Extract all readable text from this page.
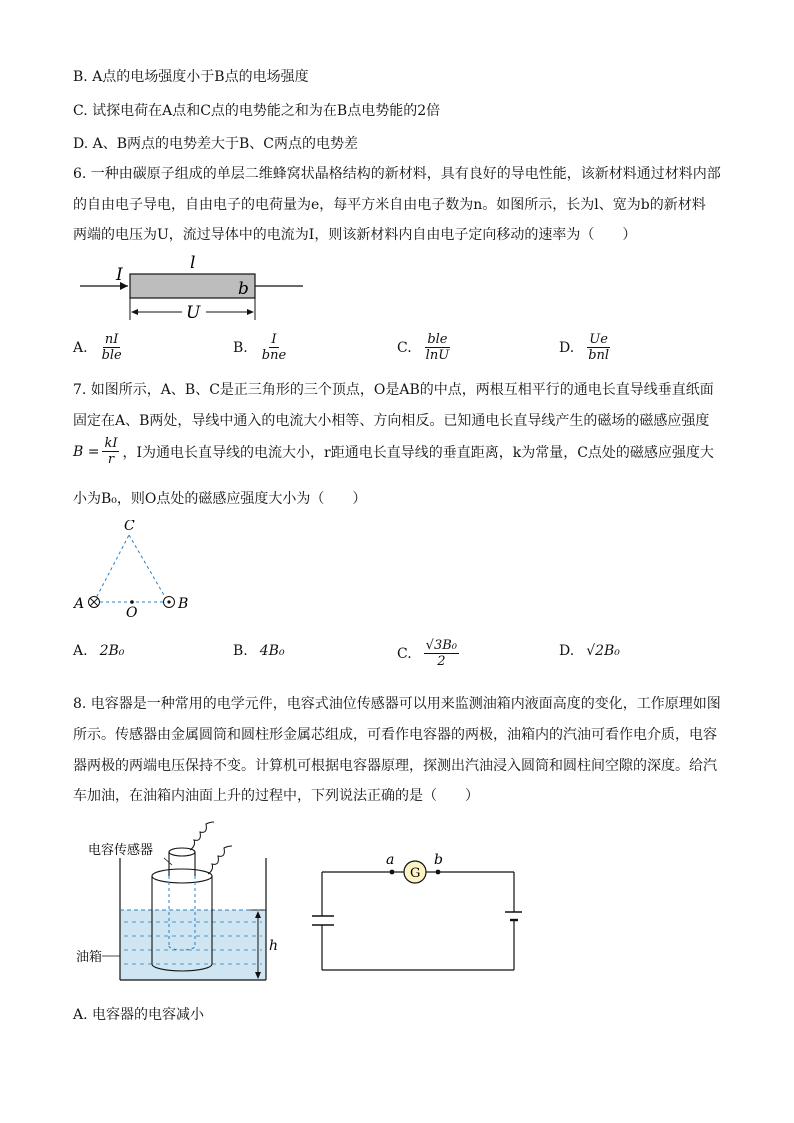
B. A点的电场强度小于B点的电场强度
C. 试探电荷在A点和C点的电势能之和为在B点电势能的2倍
D. A、B两点的电势差大于B、C两点的电势差
6. 一种由碳原子组成的单层二维蜂窝状晶格结构的新材料，具有良好的导电性能，该新材料通过材料内部
的自由电子导电，自由电子的电荷量为e，每平方米自由电子数为n。如图所示，长为l、宽为b的新材料
两端的电压为U，流过导体中的电流为I，则该新材料内自由电子定向移动的速率为（　　）
I
l
b
U
A. $\frac{nI}{\text{ble}}$	B. $\frac{I}{\text{bne}}$	C. $\frac{\text{ble}}{\ln U}$	D. $\frac{Ue}{\text{bnl}}$
7. 如图所示，A、B、C是正三角形的三个顶点，O是AB的中点，两根互相平行的通电长直导线垂直纸面
固定在A、B两处，导线中通入的电流大小相等、方向相反。已知通电长直导线产生的磁场的磁感应强度
$B = \frac{kI}{r}$ ，I为通电长直导线的电流大小，r距通电长直导线的垂直距离，k为常量，C点处的磁感应强度大
小为B₀，则O点处的磁感应强度大小为（　　）
C
A	B
O
A. 2B₀	B. 4B₀	C. $\frac{\text{√3B₀}}{2}$	D. √2B₀
8. 电容器是一种常用的电学元件，电容式油位传感器可以用来监测油箱内液面高度的变化，工作原理如图
所示。传感器由金属圆筒和圆柱形金属芯组成，可看作电容器的两极，油箱内的汽油可看作电介质，电容
器两极的两端电压保持不变。计算机可根据电容器原理，探测出汽油浸入圆筒和圆柱间空隙的深度。给汽
车加油，在油箱内油面上升的过程中，下列说法正确的是（　　）
电容传感器
油箱
h
G
a	b
A. 电容器的电容减小
